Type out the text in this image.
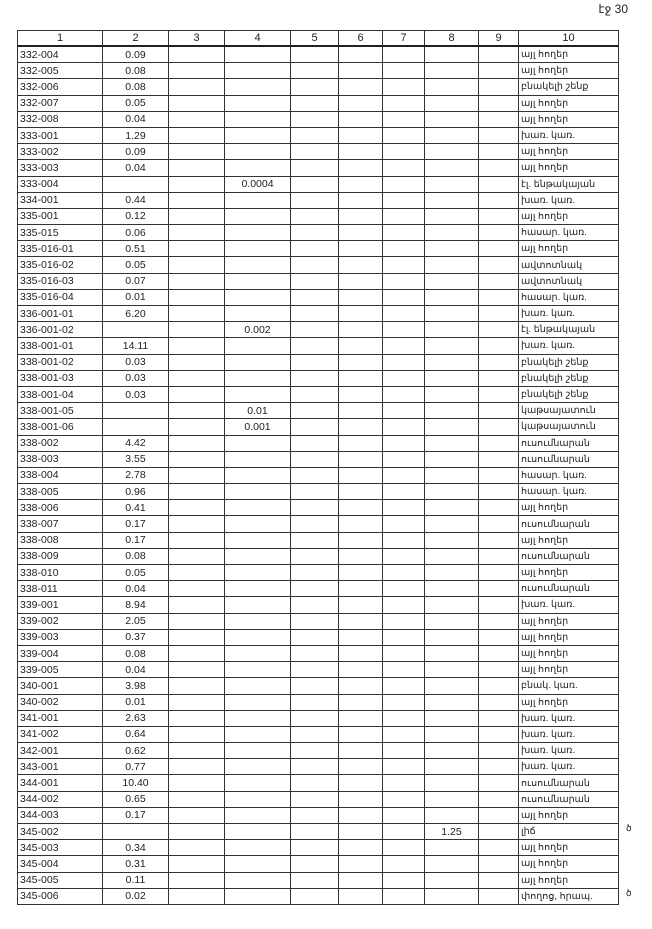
էջ 30
1	2	3	4	5	6	7	8	9	10
332-004	0.09								այլ հողեր
332-005	0.08								այլ հողեր
332-006	0.08								բնակելի շենք
332-007	0.05								այլ հողեր
332-008	0.04								այլ հողեր
333-001	1.29								խառ. կառ.
333-002	0.09								այլ հողեր
333-003	0.04								այլ հողեր
333-004			0.0004						էլ. ենթակայան
334-001	0.44								խառ. կառ.
335-001	0.12								այլ հողեր
335-015	0.06								հասար. կառ.
335-016-01	0.51								այլ հողեր
335-016-02	0.05								ավտոտնակ
335-016-03	0.07								ավտոտնակ
335-016-04	0.01								հասար. կառ.
336-001-01	6.20								խառ. կառ.
336-001-02			0.002						էլ. ենթակայան
338-001-01	14.11								խառ. կառ.
338-001-02	0.03								բնակելի շենք
338-001-03	0.03								բնակելի շենք
338-001-04	0.03								բնակելի շենք
338-001-05			0.01						կաթսայատուն
338-001-06			0.001						կաթսայատուն
338-002	4.42								ուսումնարան
338-003	3.55								ուսումնարան
338-004	2.78								հասար. կառ.
338-005	0.96								հասար. կառ.
338-006	0.41								այլ հողեր
338-007	0.17								ուսումնարան
338-008	0.17								այլ հողեր
338-009	0.08								ուսումնարան
338-010	0.05								այլ հողեր
338-011	0.04								ուսումնարան
339-001	8.94								խառ. կառ.
339-002	2.05								այլ հողեր
339-003	0.37								այլ հողեր
339-004	0.08								այլ հողեր
339-005	0.04								այլ հողեր
340-001	3.98								բնակ. կառ.
340-002	0.01								այլ հողեր
341-001	2.63								խառ. կառ.
341-002	0.64								խառ. կառ.
342-001	0.62								խառ. կառ.
343-001	0.77								խառ. կառ.
344-001	10.40								ուսումնարան
344-002	0.65								ուսումնարան
344-003	0.17								այլ հողեր
345-002							1.25		լիճ
345-003	0.34								այլ հողեր
345-004	0.31								այլ հողեր
345-005	0.11								այլ հողեր
345-006	0.02								փողոց, հրապ.
ծ
ծ
